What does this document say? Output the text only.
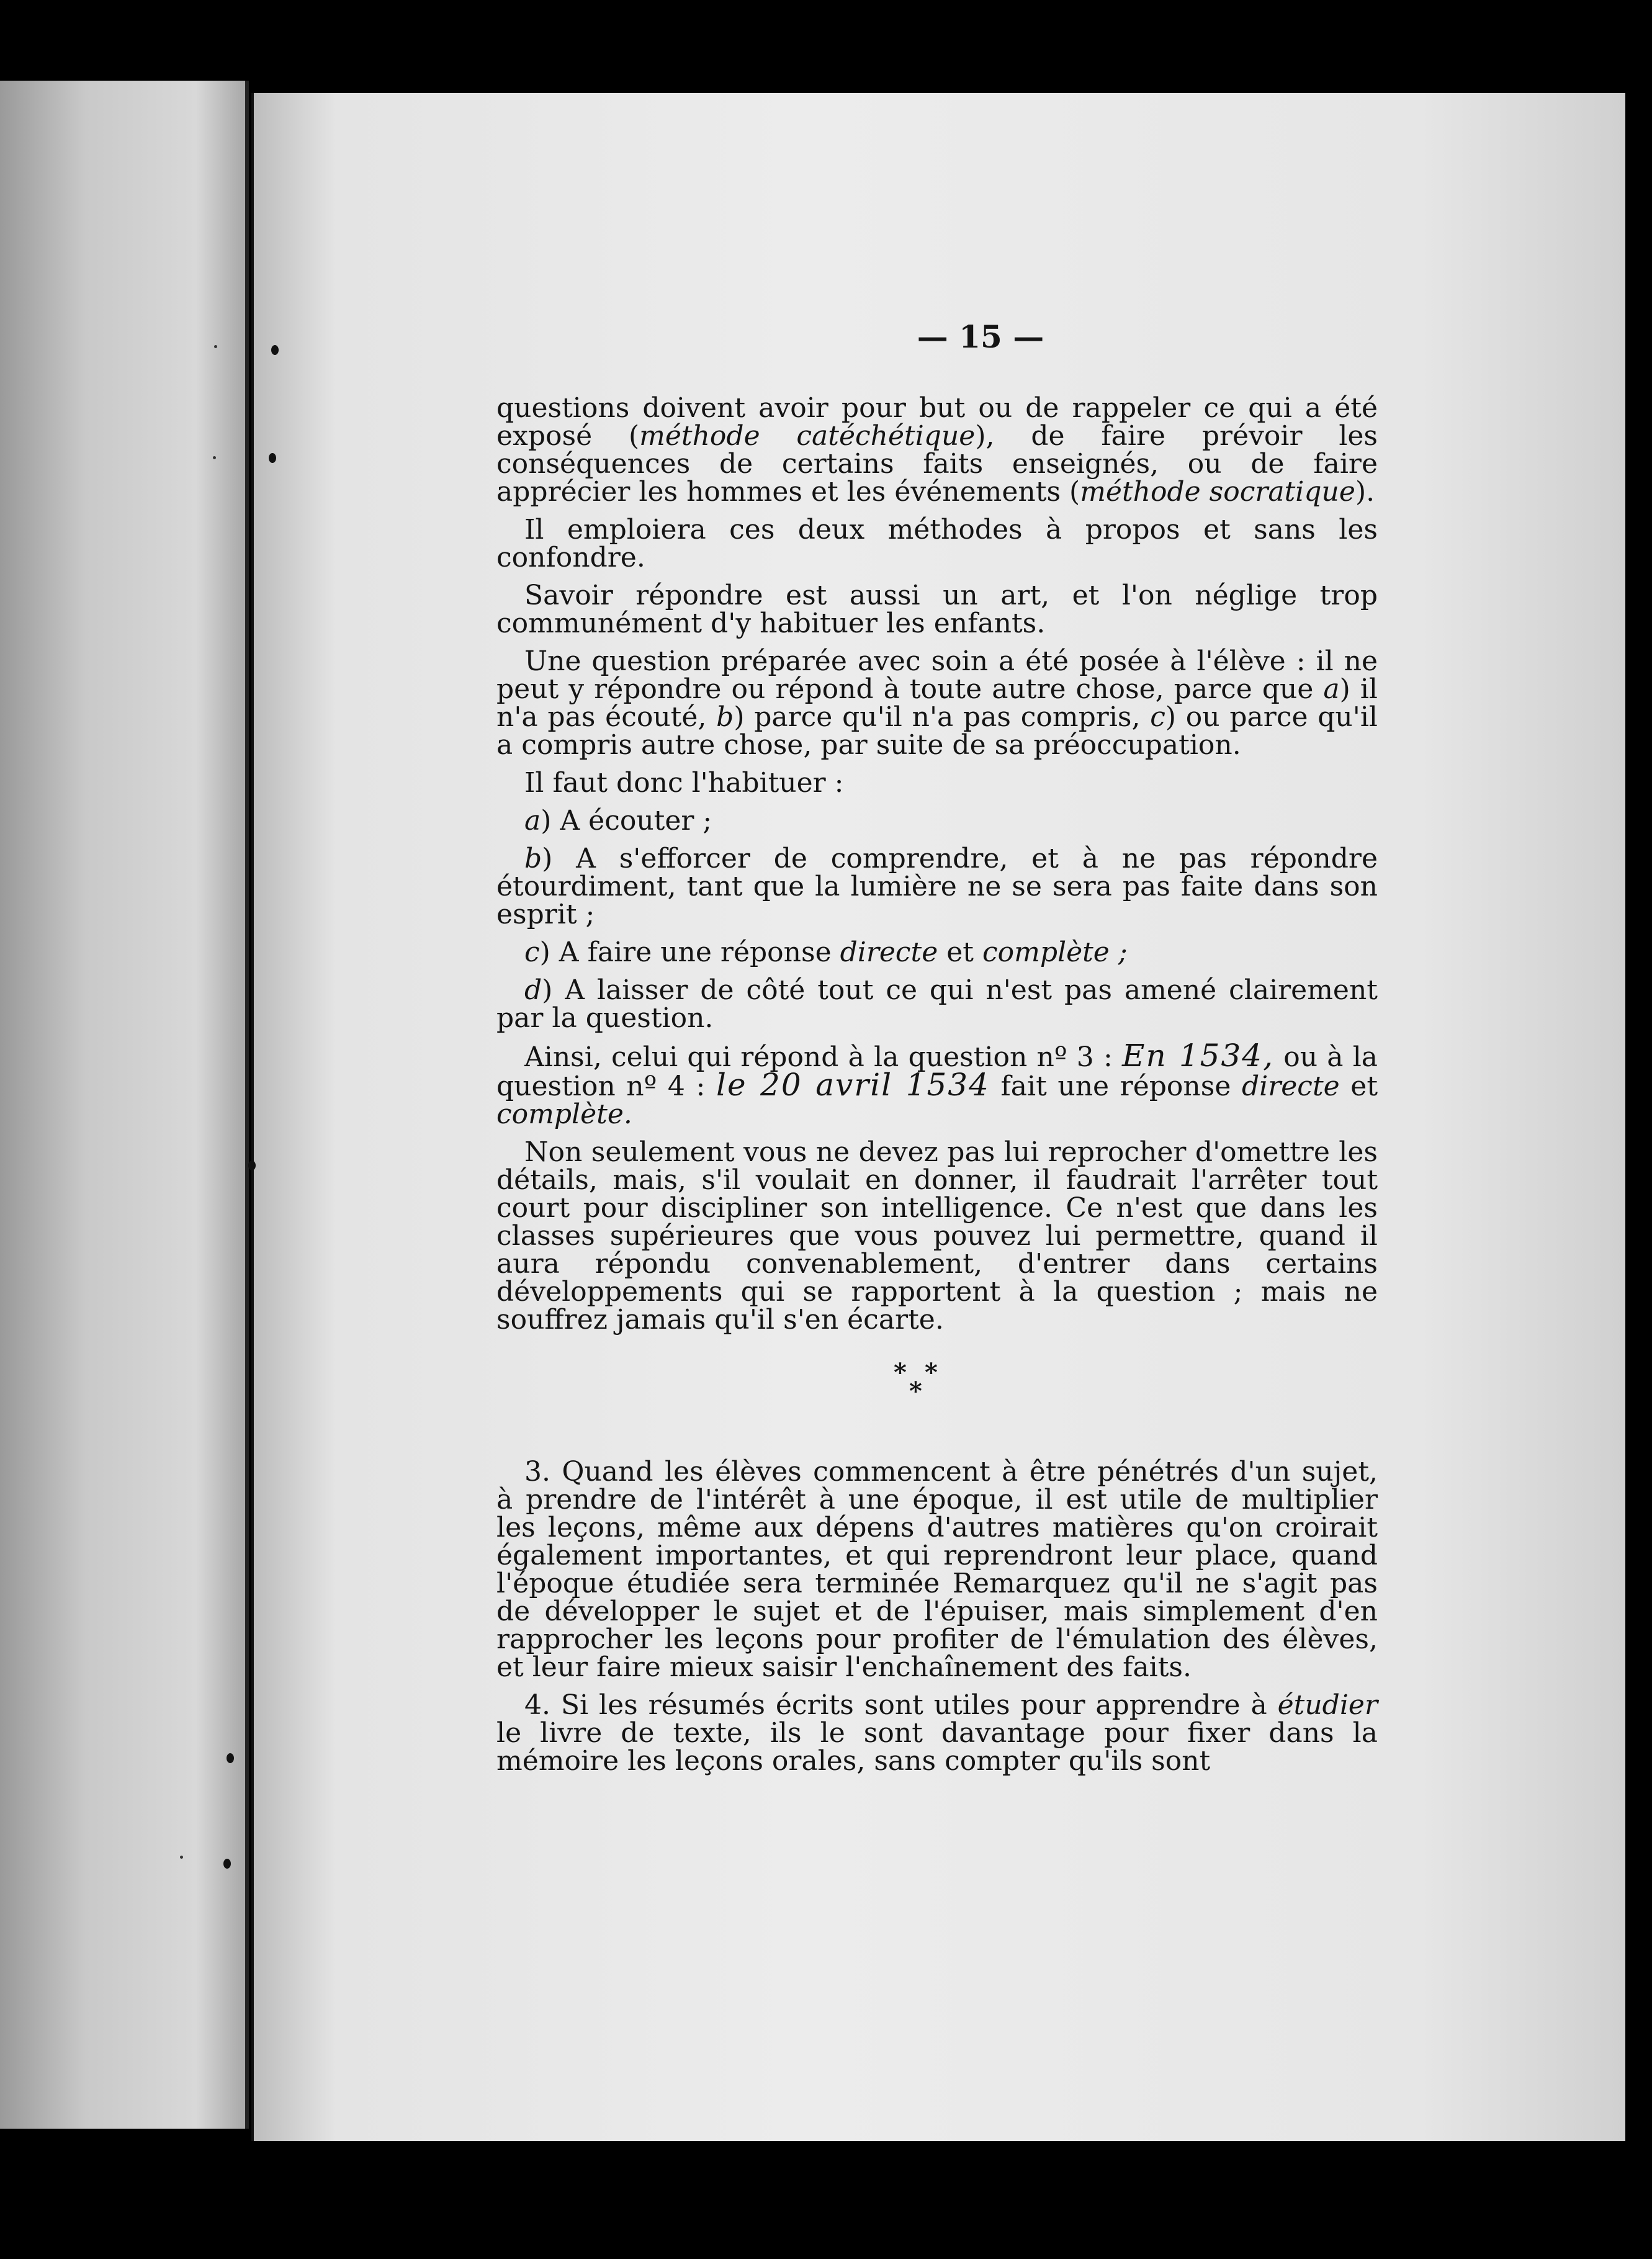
— 15 —

questions doivent avoir pour but ou de rappeler ce qui a été exposé (méthode catéchétique), de faire prévoir les conséquences de certains faits enseignés, ou de faire apprécier les hommes et les événements (méthode socratique).

Il emploiera ces deux méthodes à propos et sans les confondre.

Savoir répondre est aussi un art, et l'on néglige trop communément d'y habituer les enfants.

Une question préparée avec soin a été posée à l'élève : il ne peut y répondre ou répond à toute autre chose, parce que a) il n'a pas écouté, b) parce qu'il n'a pas compris, c) ou parce qu'il a compris autre chose, par suite de sa préoccupation.

Il faut donc l'habituer :

a) A écouter ;

b) A s'efforcer de comprendre, et à ne pas répondre étourdiment, tant que la lumière ne se sera pas faite dans son esprit ;

c) A faire une réponse directe et complète ;

d) A laisser de côté tout ce qui n'est pas amené clairement par la question.

Ainsi, celui qui répond à la question nº 3 : En 1534, ou à la question nº 4 : le 20 avril 1534 fait une réponse directe et complète.

Non seulement vous ne devez pas lui reprocher d'omettre les détails, mais, s'il voulait en donner, il faudrait l'arrêter tout court pour discipliner son intelligence. Ce n'est que dans les classes supérieures que vous pouvez lui permettre, quand il aura répondu convenablement, d'entrer dans certains développements qui se rapportent à la question ; mais ne souffrez jamais qu'il s'en écarte.

* *
*

3. Quand les élèves commencent à être pénétrés d'un sujet, à prendre de l'intérêt à une époque, il est utile de multiplier les leçons, même aux dépens d'autres matières qu'on croirait également importantes, et qui reprendront leur place, quand l'époque étudiée sera terminée Remarquez qu'il ne s'agit pas de développer le sujet et de l'épuiser, mais simplement d'en rapprocher les leçons pour profiter de l'émulation des élèves, et leur faire mieux saisir l'enchaînement des faits.

4. Si les résumés écrits sont utiles pour apprendre à étudier le livre de texte, ils le sont davantage pour fixer dans la mémoire les leçons orales, sans compter qu'ils sont
